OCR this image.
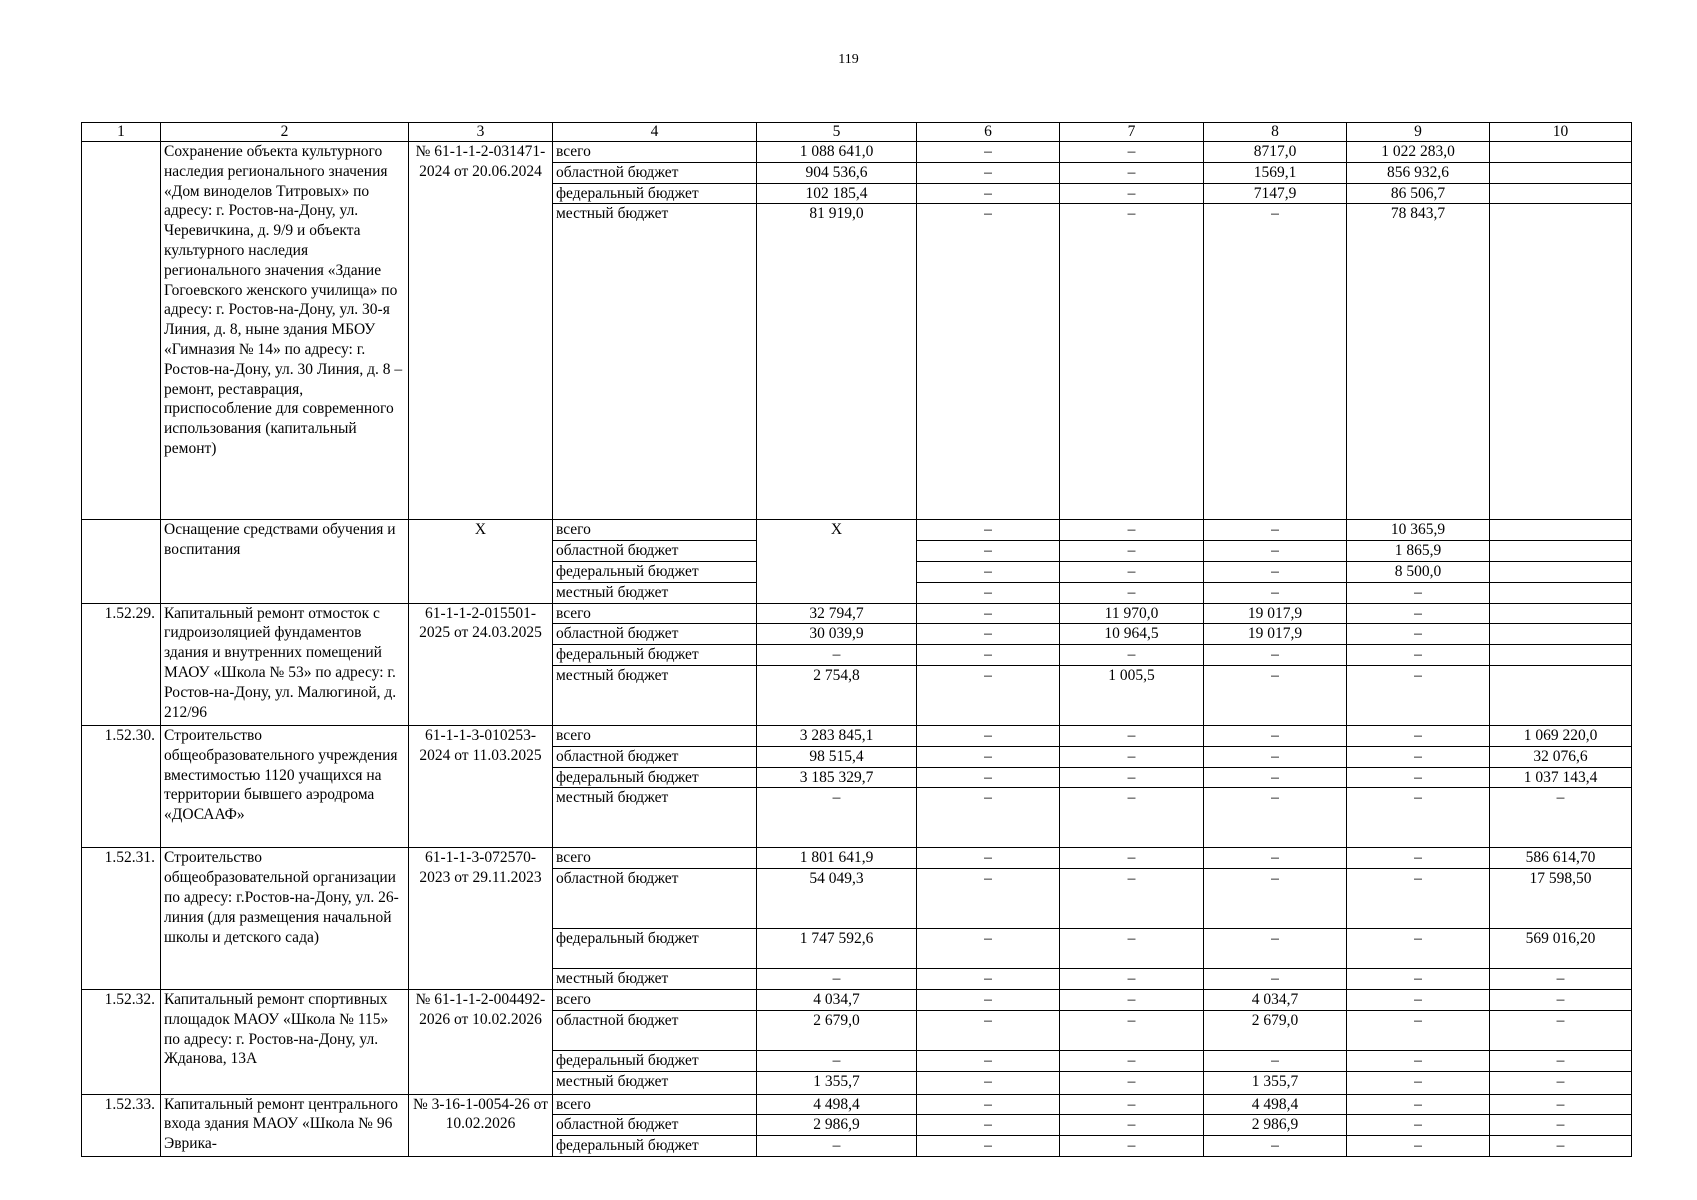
119
1	2	3	4	5	6	7	8	9	10
	Сохранение объекта культурного наследия регионального значения «Дом виноделов Титровых» по адресу: г. Ростов-на-Дону, ул. Черевичкина, д. 9/9 и объекта культурного наследия регионального значения «Здание Гогоевского женского училища» по адресу: г. Ростов-на-Дону, ул. 30-я Линия, д. 8, ныне здания МБОУ «Гимназия № 14» по адресу: г. Ростов-на-Дону, ул. 30 Линия, д. 8 – ремонт, реставрация, приспособление для современного использования (капитальный ремонт)	№ 61-1-1-2-031471-2024 от 20.06.2024	всего	1 088 641,0	–	–	8717,0	1 022 283,0	
			областной бюджет	904 536,6	–	–	1569,1	856 932,6	
			федеральный бюджет	102 185,4	–	–	7147,9	86 506,7	
			местный бюджет	81 919,0	–	–	–	78 843,7	
	Оснащение средствами обучения и воспитания	Х	всего	Х	–	–	–	10 365,9	
			областной бюджет		–	–	–	1 865,9	
			федеральный бюджет		–	–	–	8 500,0	
			местный бюджет		–	–	–	–	
1.52.29.	Капитальный ремонт отмосток с гидроизоляцией фундаментов здания и внутренних помещений МАОУ «Школа № 53» по адресу: г. Ростов-на-Дону, ул. Малюгиной, д. 212/96	61-1-1-2-015501-2025 от 24.03.2025	всего	32 794,7	–	11 970,0	19 017,9	–	
			областной бюджет	30 039,9	–	10 964,5	19 017,9	–	
			федеральный бюджет	–	–	–	–	–	
			местный бюджет	2 754,8	–	1 005,5	–	–	
1.52.30.	Строительство общеобразовательного учреждения вместимостью 1120 учащихся на территории бывшего аэродрома «ДОСААФ»	61-1-1-3-010253-2024 от 11.03.2025	всего	3 283 845,1	–	–	–	–	1 069 220,0
			областной бюджет	98 515,4	–	–	–	–	32 076,6
			федеральный бюджет	3 185 329,7	–	–	–	–	1 037 143,4
			местный бюджет	–	–	–	–	–	–
1.52.31.	Строительство общеобразовательной организации по адресу: г.Ростов-на-Дону, ул. 26-линия (для размещения начальной школы и детского сада)	61-1-1-3-072570-2023 от 29.11.2023	всего	1 801 641,9	–	–	–	–	586 614,70
			областной бюджет	54 049,3	–	–	–	–	17 598,50
			федеральный бюджет	1 747 592,6	–	–	–	–	569 016,20
			местный бюджет	–	–	–	–	–	–
1.52.32.	Капитальный ремонт спортивных площадок МАОУ «Школа № 115» по адресу: г. Ростов-на-Дону, ул. Жданова, 13А	№ 61-1-1-2-004492-2026 от 10.02.2026	всего	4 034,7	–	–	4 034,7	–	–
			областной бюджет	2 679,0	–	–	2 679,0	–	–
			федеральный бюджет	–	–	–	–	–	–
			местный бюджет	1 355,7	–	–	1 355,7	–	–
1.52.33.	Капитальный ремонт центрального входа здания МАОУ «Школа № 96 Эврика-	№ 3-16-1-0054-26 от 10.02.2026	всего	4 498,4	–	–	4 498,4	–	–
			областной бюджет	2 986,9	–	–	2 986,9	–	–
			федеральный бюджет	–	–	–	–	–	–
